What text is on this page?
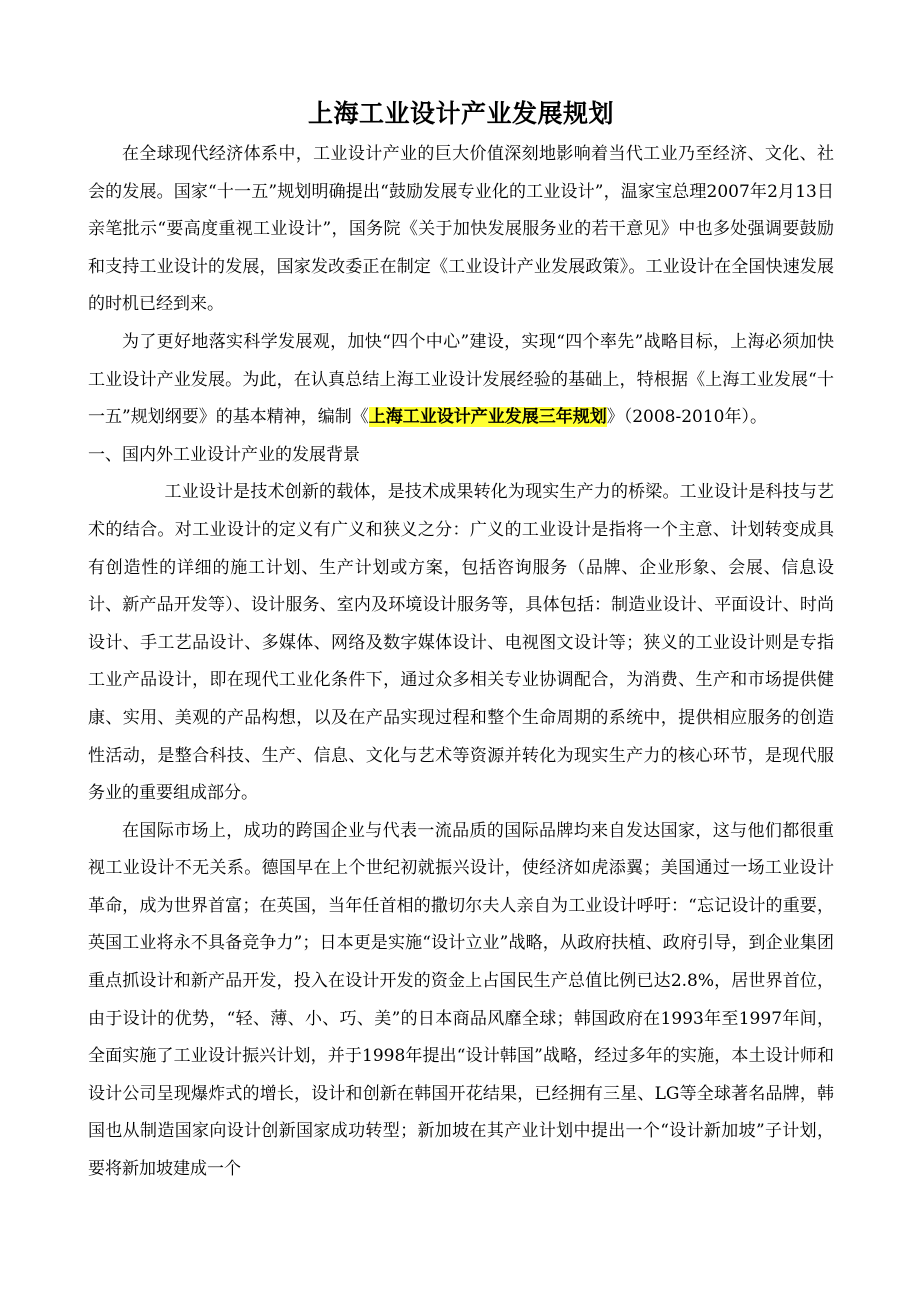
上海工业设计产业发展规划

在全球现代经济体系中，工业设计产业的巨大价值深刻地影响着当代工业乃至经济、文化、社会的发展。国家“十一五”规划明确提出“鼓励发展专业化的工业设计”，温家宝总理2007年2月13日亲笔批示“要高度重视工业设计”，国务院《关于加快发展服务业的若干意见》中也多处强调要鼓励和支持工业设计的发展，国家发改委正在制定《工业设计产业发展政策》。工业设计在全国快速发展的时机已经到来。

为了更好地落实科学发展观，加快“四个中心”建设，实现“四个率先”战略目标，上海必须加快工业设计产业发展。为此，在认真总结上海工业设计发展经验的基础上，特根据《上海工业发展“十一五”规划纲要》的基本精神，编制《上海工业设计产业发展三年规划》（2008-2010年）。

一、国内外工业设计产业的发展背景

工业设计是技术创新的载体，是技术成果转化为现实生产力的桥梁。工业设计是科技与艺术的结合。对工业设计的定义有广义和狭义之分：广义的工业设计是指将一个主意、计划转变成具有创造性的详细的施工计划、生产计划或方案，包括咨询服务（品牌、企业形象、会展、信息设计、新产品开发等）、设计服务、室内及环境设计服务等，具体包括：制造业设计、平面设计、时尚设计、手工艺品设计、多媒体、网络及数字媒体设计、电视图文设计等；狭义的工业设计则是专指工业产品设计，即在现代工业化条件下，通过众多相关专业协调配合，为消费、生产和市场提供健康、实用、美观的产品构想，以及在产品实现过程和整个生命周期的系统中，提供相应服务的创造性活动，是整合科技、生产、信息、文化与艺术等资源并转化为现实生产力的核心环节，是现代服务业的重要组成部分。

在国际市场上，成功的跨国企业与代表一流品质的国际品牌均来自发达国家，这与他们都很重视工业设计不无关系。德国早在上个世纪初就振兴设计，使经济如虎添翼；美国通过一场工业设计革命，成为世界首富；在英国，当年任首相的撒切尔夫人亲自为工业设计呼吁：“忘记设计的重要，英国工业将永不具备竞争力”；日本更是实施“设计立业”战略，从政府扶植、政府引导，到企业集团重点抓设计和新产品开发，投入在设计开发的资金上占国民生产总值比例已达2.8%，居世界首位，由于设计的优势，“轻、薄、小、巧、美”的日本商品风靡全球；韩国政府在1993年至1997年间，全面实施了工业设计振兴计划，并于1998年提出“设计韩国”战略，经过多年的实施，本土设计师和设计公司呈现爆炸式的增长，设计和创新在韩国开花结果，已经拥有三星、LG等全球著名品牌，韩国也从制造国家向设计创新国家成功转型；新加坡在其产业计划中提出一个“设计新加坡”子计划，要将新加坡建成一个
